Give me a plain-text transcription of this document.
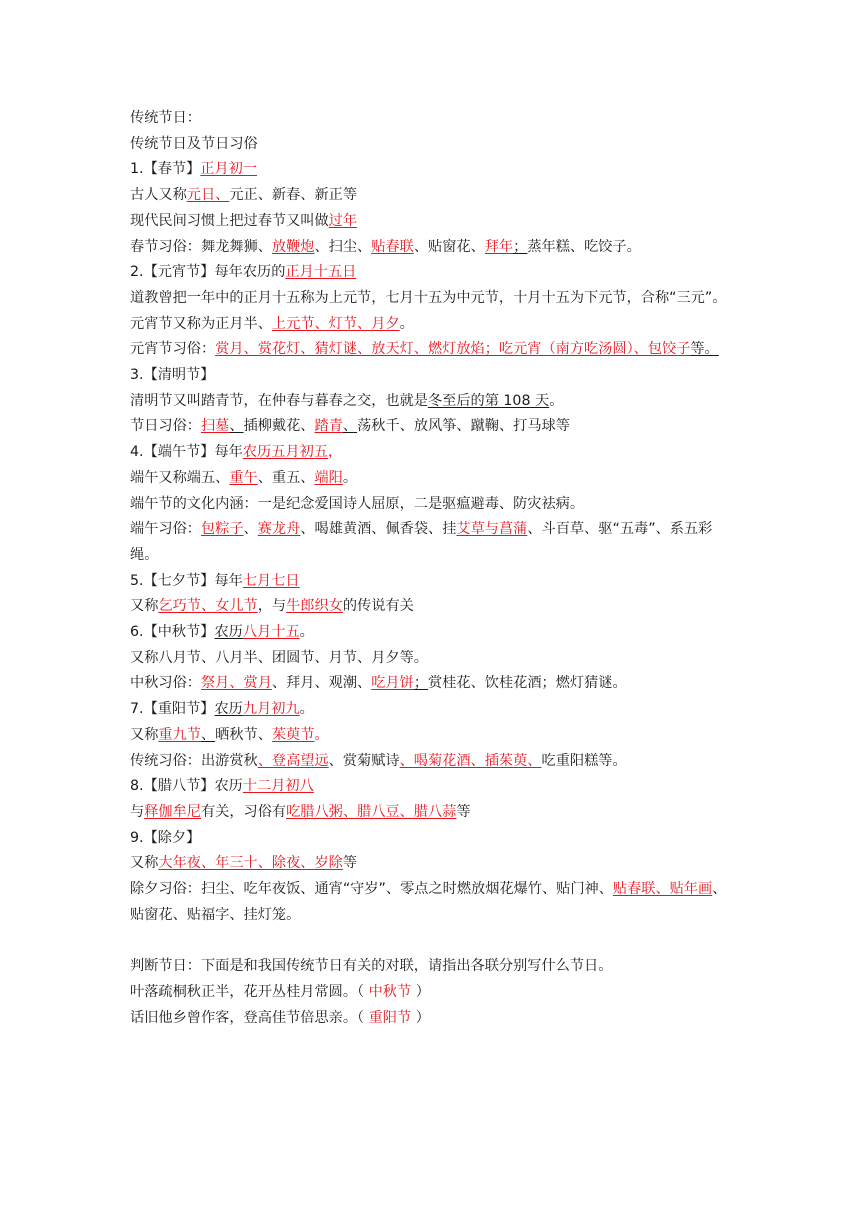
传统节日：
传统节日及节日习俗
1.【春节】正月初一
古人又称元日、元正、新春、新正等
现代民间习惯上把过春节又叫做过年
春节习俗：舞龙舞狮、放鞭炮、扫尘、贴春联、贴窗花、拜年；蒸年糕、吃饺子。
2.【元宵节】每年农历的正月十五日
道教曾把一年中的正月十五称为上元节，七月十五为中元节，十月十五为下元节，合称“三元”。
元宵节又称为正月半、上元节、灯节、月夕。
元宵节习俗：赏月、赏花灯、猜灯谜、放天灯、燃灯放焰；吃元宵（南方吃汤圆）、包饺子等。
3.【清明节】
清明节又叫踏青节，在仲春与暮春之交，也就是冬至后的第 108 天。
节日习俗：扫墓、插柳戴花、踏青、荡秋千、放风筝、蹴鞠、打马球等
4.【端午节】每年农历五月初五，
端午又称端五、重午、重五、端阳。
端午节的文化内涵：一是纪念爱国诗人屈原，二是驱瘟避毒、防灾祛病。
端午习俗：包粽子、赛龙舟、喝雄黄酒、佩香袋、挂艾草与菖蒲、斗百草、驱“五毒”、系五彩绳。
5.【七夕节】每年七月七日
又称乞巧节、女儿节，与牛郎织女的传说有关
6.【中秋节】农历八月十五。
又称八月节、八月半、团圆节、月节、月夕等。
中秋习俗：祭月、赏月、拜月、观潮、吃月饼；赏桂花、饮桂花酒；燃灯猜谜。
7.【重阳节】农历九月初九。
又称重九节、晒秋节、茱萸节。
传统习俗：出游赏秋、登高望远、赏菊赋诗、喝菊花酒、插茱萸、吃重阳糕等。
8.【腊八节】农历十二月初八
与释伽牟尼有关，习俗有吃腊八粥、腊八豆、腊八蒜等
9.【除夕】
又称大年夜、年三十、除夜、岁除等
除夕习俗：扫尘、吃年夜饭、通宵“守岁”、零点之时燃放烟花爆竹、贴门神、贴春联、贴年画、贴窗花、贴福字、挂灯笼。
判断节日：下面是和我国传统节日有关的对联，请指出各联分别写什么节日。
叶落疏桐秋正半，花开丛桂月常圆。（ 中秋节 ）
话旧他乡曾作客，登高佳节倍思亲。（ 重阳节 ）
